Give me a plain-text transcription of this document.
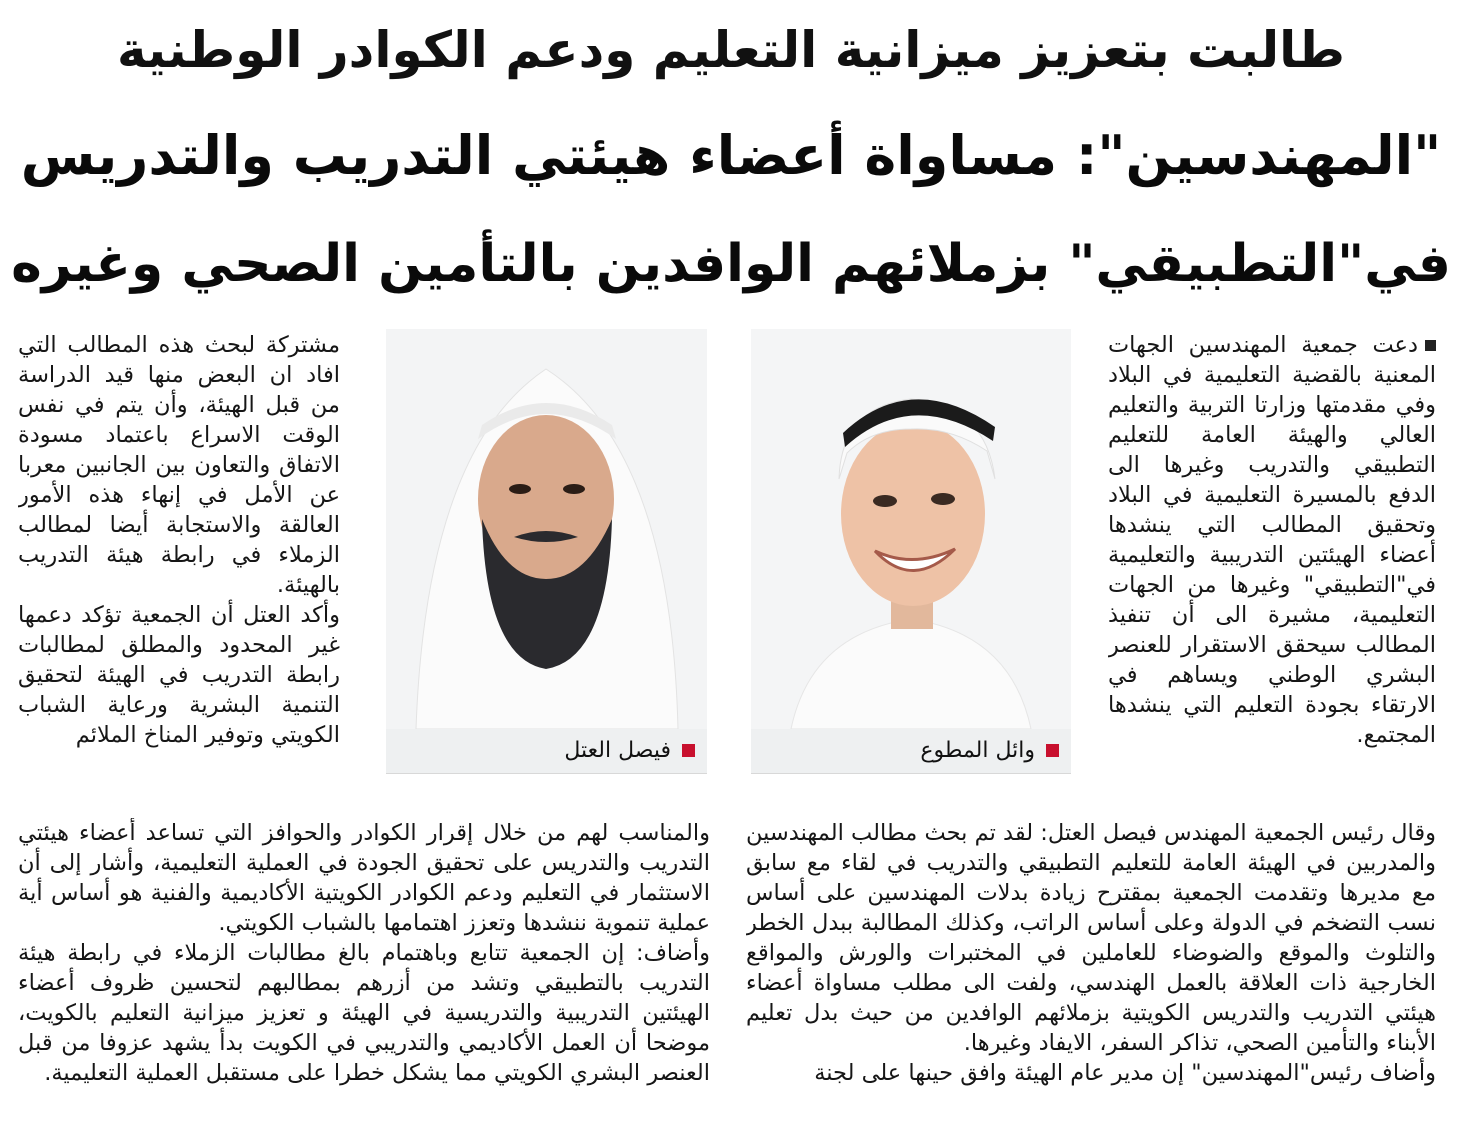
طالبت بتعزيز ميزانية التعليم ودعم الكوادر الوطنية
"المهندسين": مساواة أعضاء هيئتي التدريب والتدريس
في"التطبيقي" بزملائهم الوافدين بالتأمين الصحي وغيره

دعت جمعية المهندسين الجهات المعنية بالقضية التعليمية في البلاد وفي مقدمتها وزارتا التربية والتعليم العالي والهيئة العامة للتعليم التطبيقي والتدريب وغيرها الى الدفع بالمسيرة التعليمية في البلاد وتحقيق المطالب التي ينشدها أعضاء الهيئتين التدريبية والتعليمية في"التطبيقي" وغيرها من الجهات التعليمية، مشيرة الى أن تنفيذ المطالب سيحقق الاستقرار للعنصر البشري الوطني ويساهم في الارتقاء بجودة التعليم التي ينشدها المجتمع.

وائل المطوع
فيصل العتل

مشتركة لبحث هذه المطالب التي افاد ان البعض منها قيد الدراسة من قبل الهيئة، وأن يتم في نفس الوقت الاسراع باعتماد مسودة الاتفاق والتعاون بين الجانبين معربا عن الأمل في إنهاء هذه الأمور العالقة والاستجابة أيضا لمطالب الزملاء في رابطة هيئة التدريب بالهيئة.

وأكد العتل أن الجمعية تؤكد دعمها غير المحدود والمطلق لمطالبات رابطة التدريب في الهيئة لتحقيق التنمية البشرية ورعاية الشباب الكويتي وتوفير المناخ الملائم

وقال رئيس الجمعية المهندس فيصل العتل: لقد تم بحث مطالب المهندسين والمدربين في الهيئة العامة للتعليم التطبيقي والتدريب في لقاء مع سابق مع مديرها وتقدمت الجمعية بمقترح زيادة بدلات المهندسين على أساس نسب التضخم في الدولة وعلى أساس الراتب، وكذلك المطالبة ببدل الخطر والتلوث والموقع والضوضاء للعاملين في المختبرات والورش والمواقع الخارجية ذات العلاقة بالعمل الهندسي، ولفت الى مطلب مساواة أعضاء هيئتي التدريب والتدريس الكويتية بزملائهم الوافدين من حيث بدل تعليم الأبناء والتأمين الصحي، تذاكر السفر، الايفاد وغيرها.

وأضاف رئيس"المهندسين" إن مدير عام الهيئة وافق حينها على لجنة

والمناسب لهم من خلال إقرار الكوادر والحوافز التي تساعد أعضاء هيئتي التدريب والتدريس على تحقيق الجودة في العملية التعليمية، وأشار إلى أن الاستثمار في التعليم ودعم الكوادر الكويتية الأكاديمية والفنية هو أساس أية عملية تنموية ننشدها وتعزز اهتمامها بالشباب الكويتي.

وأضاف: إن الجمعية تتابع وباهتمام بالغ مطالبات الزملاء في رابطة هيئة التدريب بالتطبيقي وتشد من أزرهم بمطالبهم لتحسين ظروف أعضاء الهيئتين التدريبية والتدريسية في الهيئة و تعزيز ميزانية التعليم بالكويت، موضحا أن العمل الأكاديمي والتدريبي في الكويت بدأ يشهد عزوفا من قبل العنصر البشري الكويتي مما يشكل خطرا على مستقبل العملية التعليمية.
